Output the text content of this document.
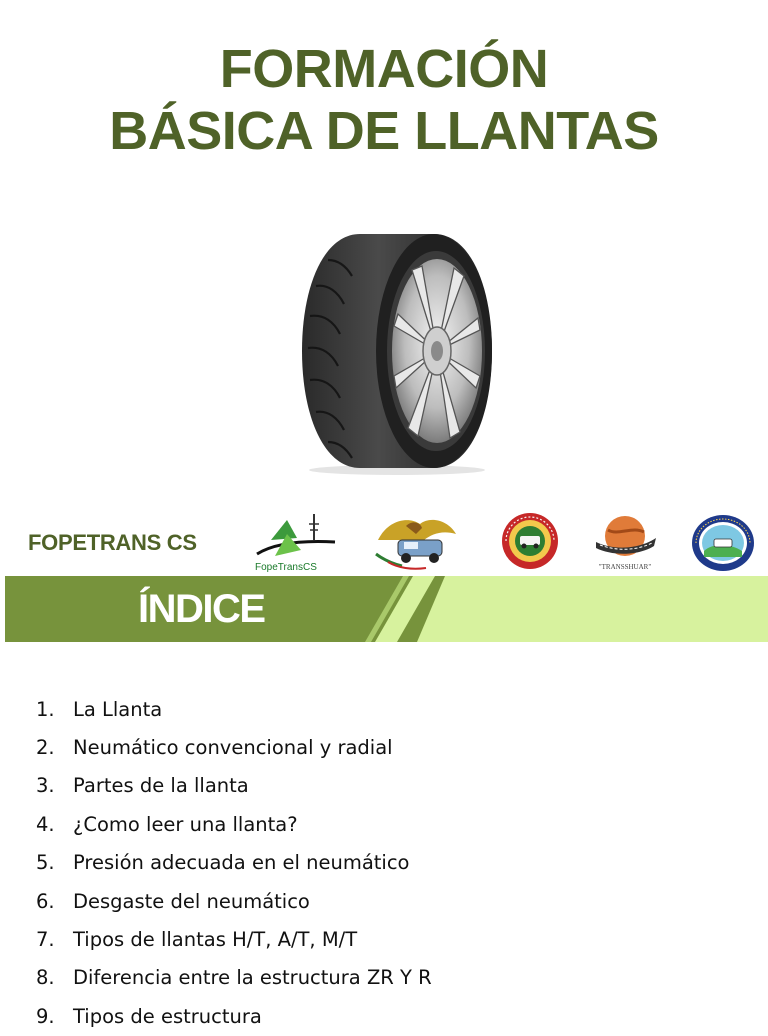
FORMACIÓN
BÁSICA DE LLANTAS
FOPETRANS CS
FopeTransCS	"TRANSSHUAR"
ÍNDICE
1. La Llanta
2. Neumático convencional y radial
3. Partes de la llanta
4. ¿Como leer una llanta?
5. Presión adecuada en el neumático
6. Desgaste del neumático
7. Tipos de llantas H/T, A/T, M/T
8. Diferencia entre la estructura ZR Y R
9. Tipos de estructura
